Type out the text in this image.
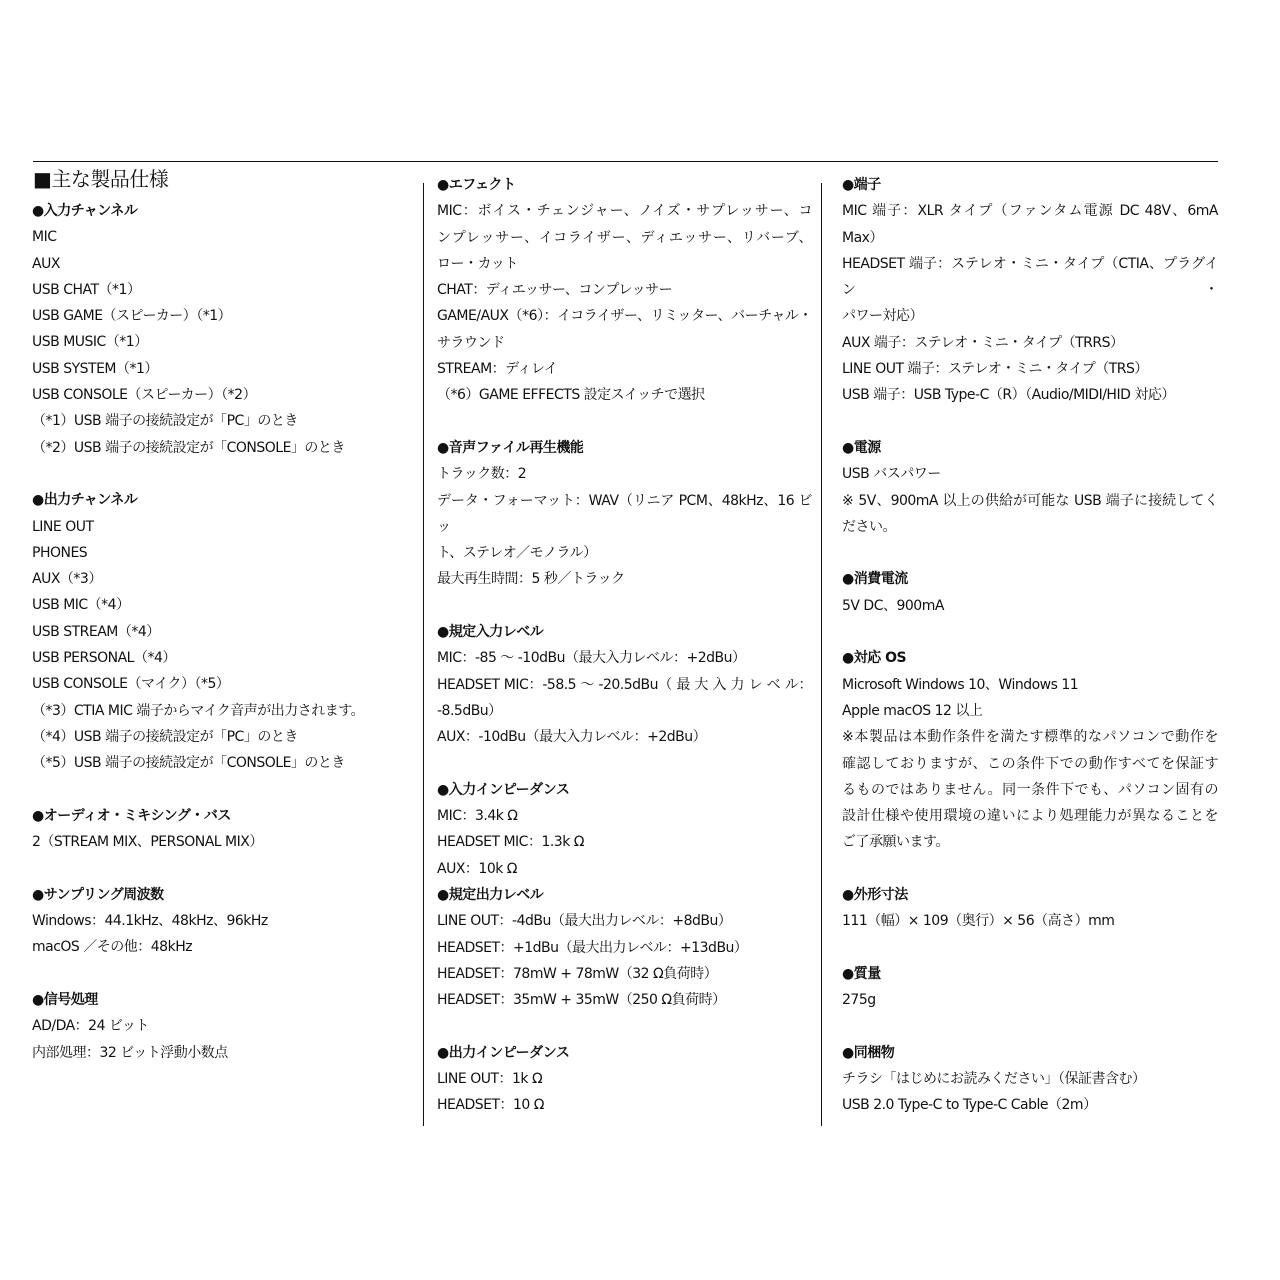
■主な製品仕様
●入力チャンネル
MIC
AUX
USB CHAT（*1）
USB GAME（スピーカー）（*1）
USB MUSIC（*1）
USB SYSTEM（*1）
USB CONSOLE（スピーカー）（*2）
（*1）USB 端子の接続設定が「PC」のとき
（*2）USB 端子の接続設定が「CONSOLE」のとき
●出力チャンネル
LINE OUT
PHONES
AUX（*3）
USB MIC（*4）
USB STREAM（*4）
USB PERSONAL（*4）
USB CONSOLE（マイク）（*5）
（*3）CTIA MIC 端子からマイク音声が出力されます。
（*4）USB 端子の接続設定が「PC」のとき
（*5）USB 端子の接続設定が「CONSOLE」のとき
●オーディオ・ミキシング・バス
2（STREAM MIX、PERSONAL MIX）
●サンプリング周波数
Windows：44.1kHz、48kHz、96kHz
macOS ／その他：48kHz
●信号処理
AD/DA：24 ビット
内部処理：32 ビット浮動小数点
●エフェクト
MIC：ボイス・チェンジャー、ノイズ・サプレッサー、コ
ンプレッサー、イコライザー、ディエッサー、リバーブ、
ロー・カット
CHAT：ディエッサー、コンプレッサー
GAME/AUX（*6）：イコライザー、リミッター、バーチャル・
サラウンド
STREAM：ディレイ
（*6）GAME EFFECTS 設定スイッチで選択
●音声ファイル再生機能
トラック数：2
データ・フォーマット：WAV（リニア PCM、48kHz、16 ビッ
ト、ステレオ／モノラル）
最大再生時間：5 秒／トラック
●規定入力レベル
MIC：-85 〜 -10dBu（最大入力レベル：+2dBu）
HEADSET MIC：-58.5 〜 -20.5dBu（ 最 大 入 力 レ ベ ル：
-8.5dBu）
AUX：-10dBu（最大入力レベル：+2dBu）
●入力インピーダンス
MIC：3.4k Ω
HEADSET MIC：1.3k Ω
AUX：10k Ω
●規定出力レベル
LINE OUT：-4dBu（最大出力レベル：+8dBu）
HEADSET：+1dBu（最大出力レベル：+13dBu）
HEADSET：78mW + 78mW（32 Ω負荷時）
HEADSET：35mW + 35mW（250 Ω負荷時）
●出力インピーダンス
LINE OUT：1k Ω
HEADSET：10 Ω
●端子
MIC 端子：XLR タイプ（ファンタム電源 DC 48V、6mA
Max）
HEADSET 端子：ステレオ・ミニ・タイプ（CTIA、プラグイン・
パワー対応）
AUX 端子：ステレオ・ミニ・タイプ（TRRS）
LINE OUT 端子：ステレオ・ミニ・タイプ（TRS）
USB 端子：USB Type-C（R）（Audio/MIDI/HID 対応）
●電源
USB バスパワー
※ 5V、900mA 以上の供給が可能な USB 端子に接続してく
ださい。
●消費電流
5V DC、900mA
●対応 OS
Microsoft Windows 10、Windows 11
Apple macOS 12 以上
※本製品は本動作条件を満たす標準的なパソコンで動作を
確認しておりますが、この条件下での動作すべてを保証す
るものではありません。同一条件下でも、パソコン固有の
設計仕様や使用環境の違いにより処理能力が異なることを
ご了承願います。
●外形寸法
111（幅）× 109（奥行）× 56（高さ）mm
●質量
275g
●同梱物
チラシ「はじめにお読みください」（保証書含む）
USB 2.0 Type-C to Type-C Cable（2m）
